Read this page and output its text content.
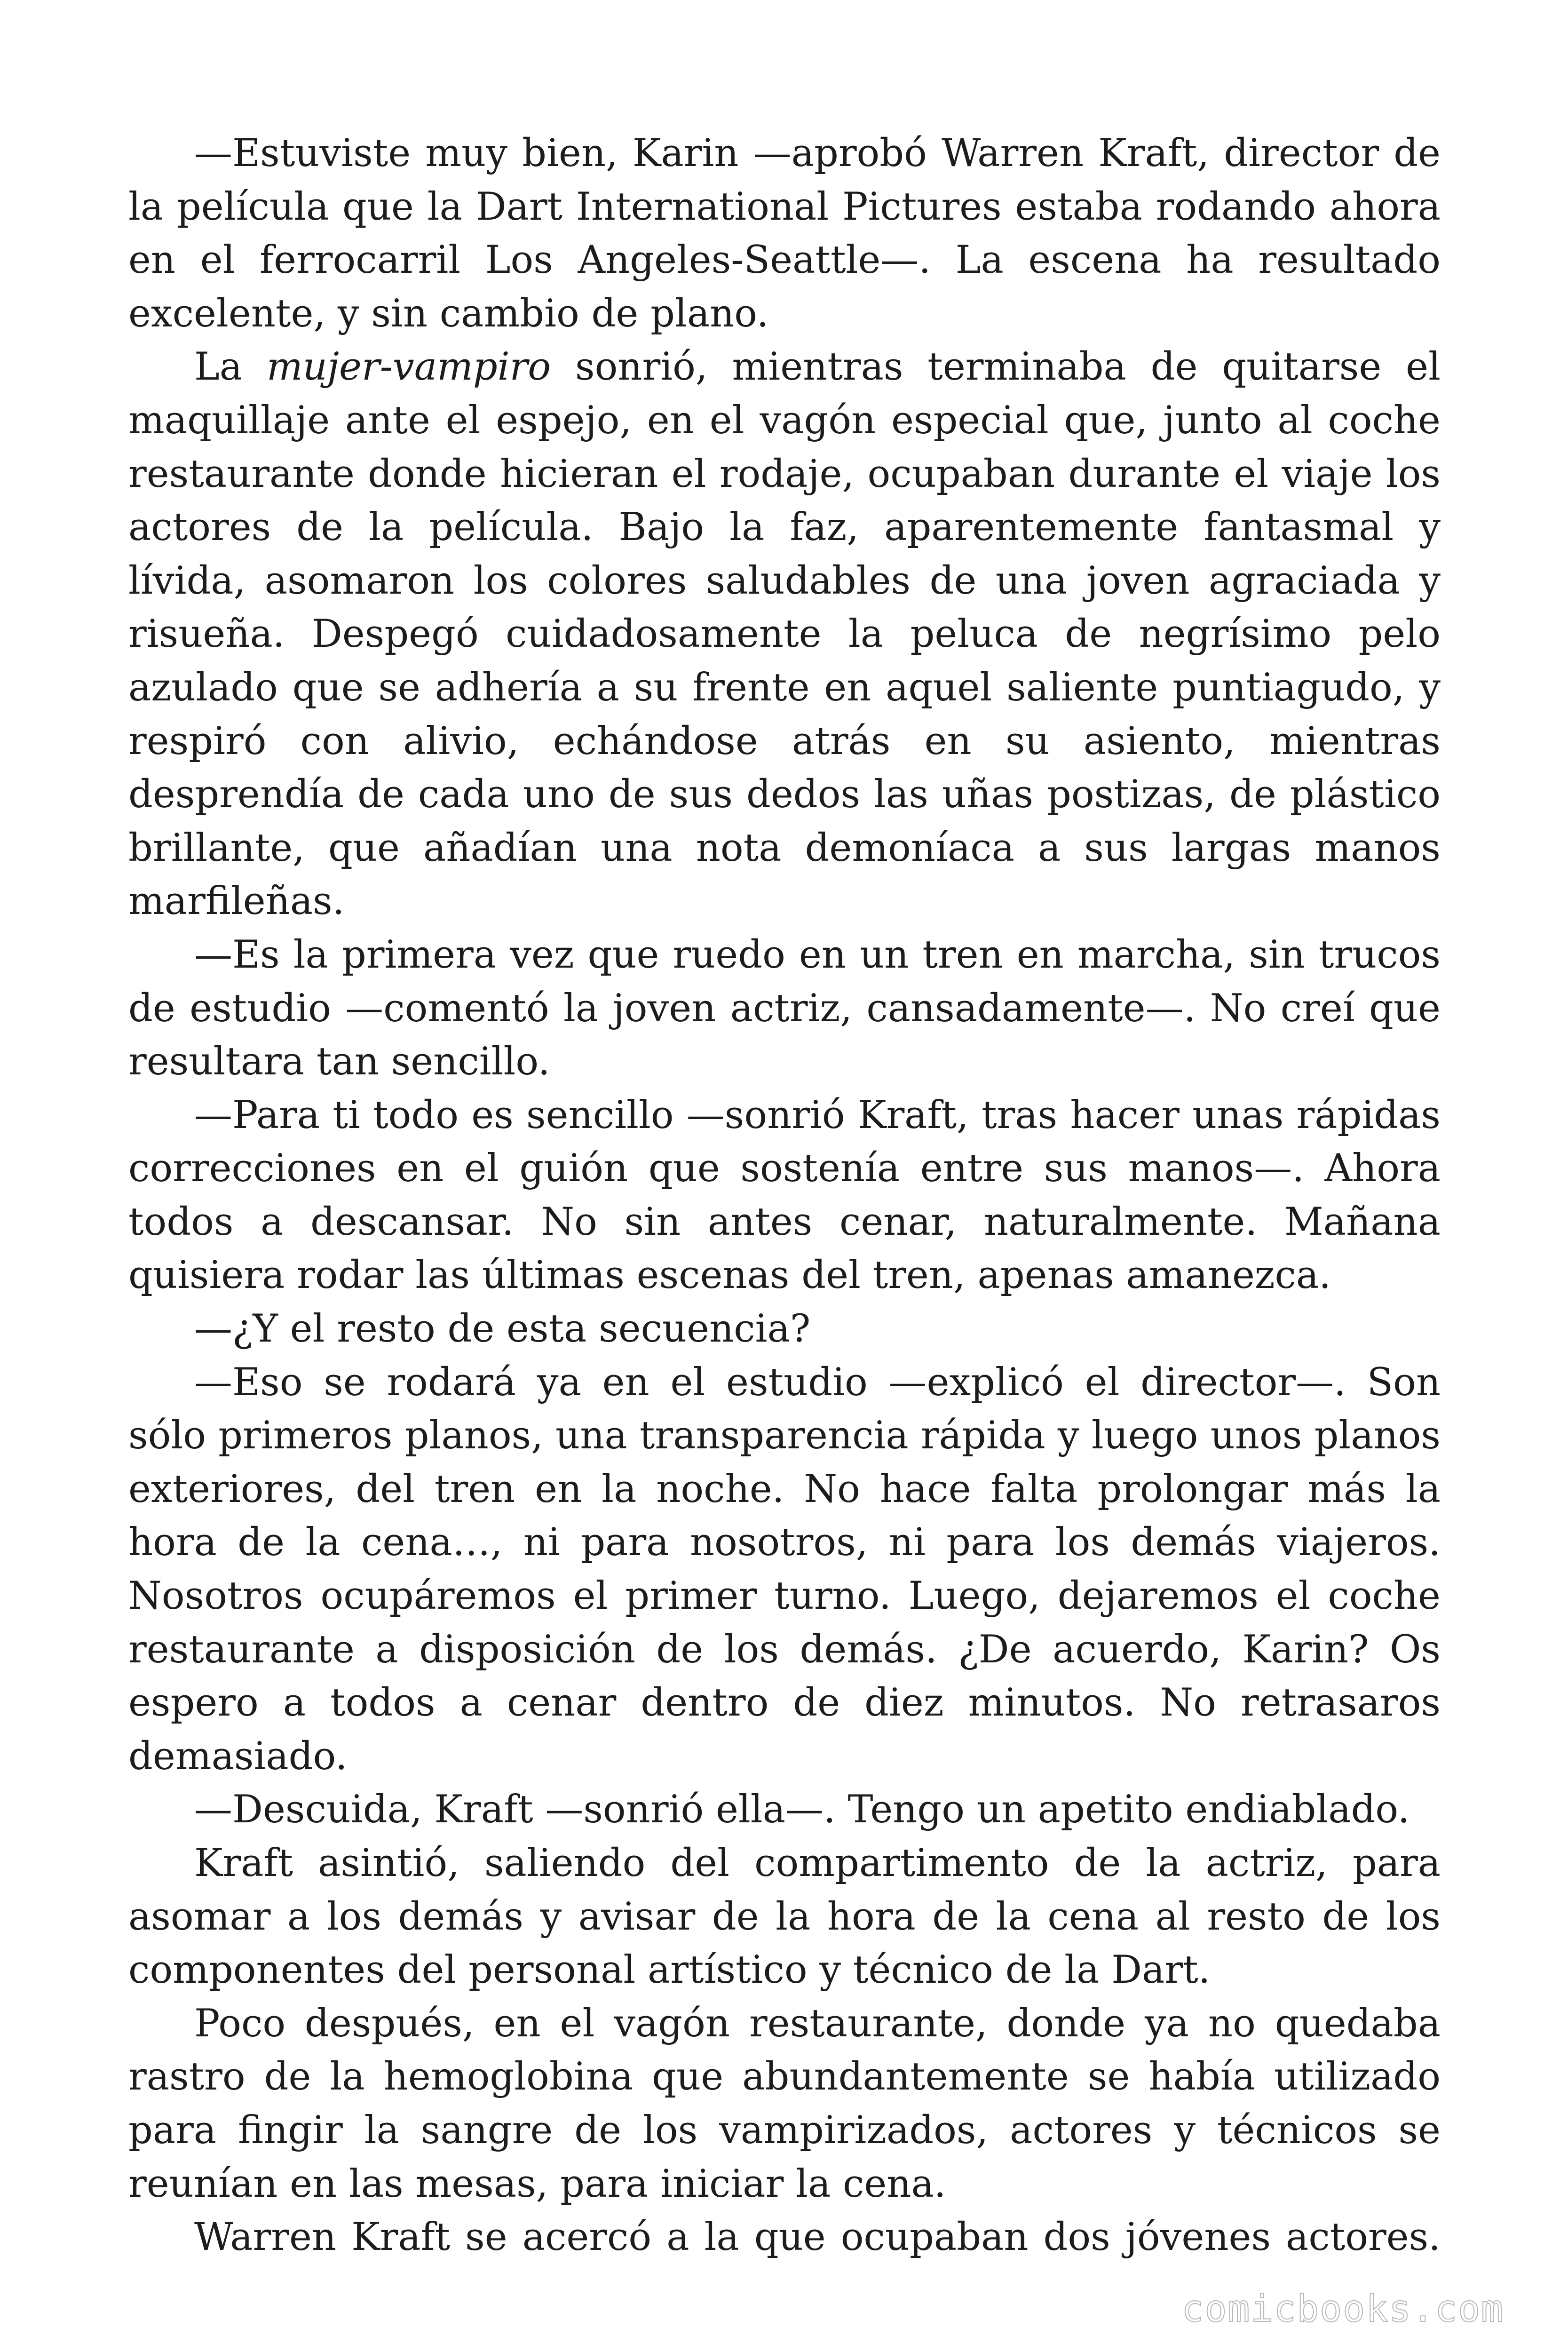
—Estuviste muy bien, Karin —aprobó Warren Kraft, director de la película que la Dart International Pictures estaba rodando ahora en el ferrocarril Los Angeles-Seattle—. La escena ha resultado excelente, y sin cambio de plano.

La mujer-vampiro sonrió, mientras terminaba de quitarse el maquillaje ante el espejo, en el vagón especial que, junto al coche restaurante donde hicieran el rodaje, ocupaban durante el viaje los actores de la película. Bajo la faz, aparentemente fantasmal y lívida, asomaron los colores saludables de una joven agraciada y risueña. Despegó cuidadosamente la peluca de negrísimo pelo azulado que se adhería a su frente en aquel saliente puntiagudo, y respiró con alivio, echándose atrás en su asiento, mientras desprendía de cada uno de sus dedos las uñas postizas, de plástico brillante, que añadían una nota demoníaca a sus largas manos marfileñas.

—Es la primera vez que ruedo en un tren en marcha, sin trucos de estudio —comentó la joven actriz, cansadamente—. No creí que resultara tan sencillo.

—Para ti todo es sencillo —sonrió Kraft, tras hacer unas rápidas correcciones en el guión que sostenía entre sus manos—. Ahora todos a descansar. No sin antes cenar, naturalmente. Mañana quisiera rodar las últimas escenas del tren, apenas amanezca.

—¿Y el resto de esta secuencia?

—Eso se rodará ya en el estudio —explicó el director—. Son sólo primeros planos, una transparencia rápida y luego unos planos exteriores, del tren en la noche. No hace falta prolongar más la hora de la cena…, ni para nosotros, ni para los demás viajeros. Nosotros ocupáremos el primer turno. Luego, dejaremos el coche restaurante a disposición de los demás. ¿De acuerdo, Karin? Os espero a todos a cenar dentro de diez minutos. No retrasaros demasiado.

—Descuida, Kraft —sonrió ella—. Tengo un apetito endiablado.

Kraft asintió, saliendo del compartimento de la actriz, para asomar a los demás y avisar de la hora de la cena al resto de los componentes del personal artístico y técnico de la Dart.

Poco después, en el vagón restaurante, donde ya no quedaba rastro de la hemoglobina que abundantemente se había utilizado para fingir la sangre de los vampirizados, actores y técnicos se reunían en las mesas, para iniciar la cena.

Warren Kraft se acercó a la que ocupaban dos jóvenes actores.

comicbooks.com
